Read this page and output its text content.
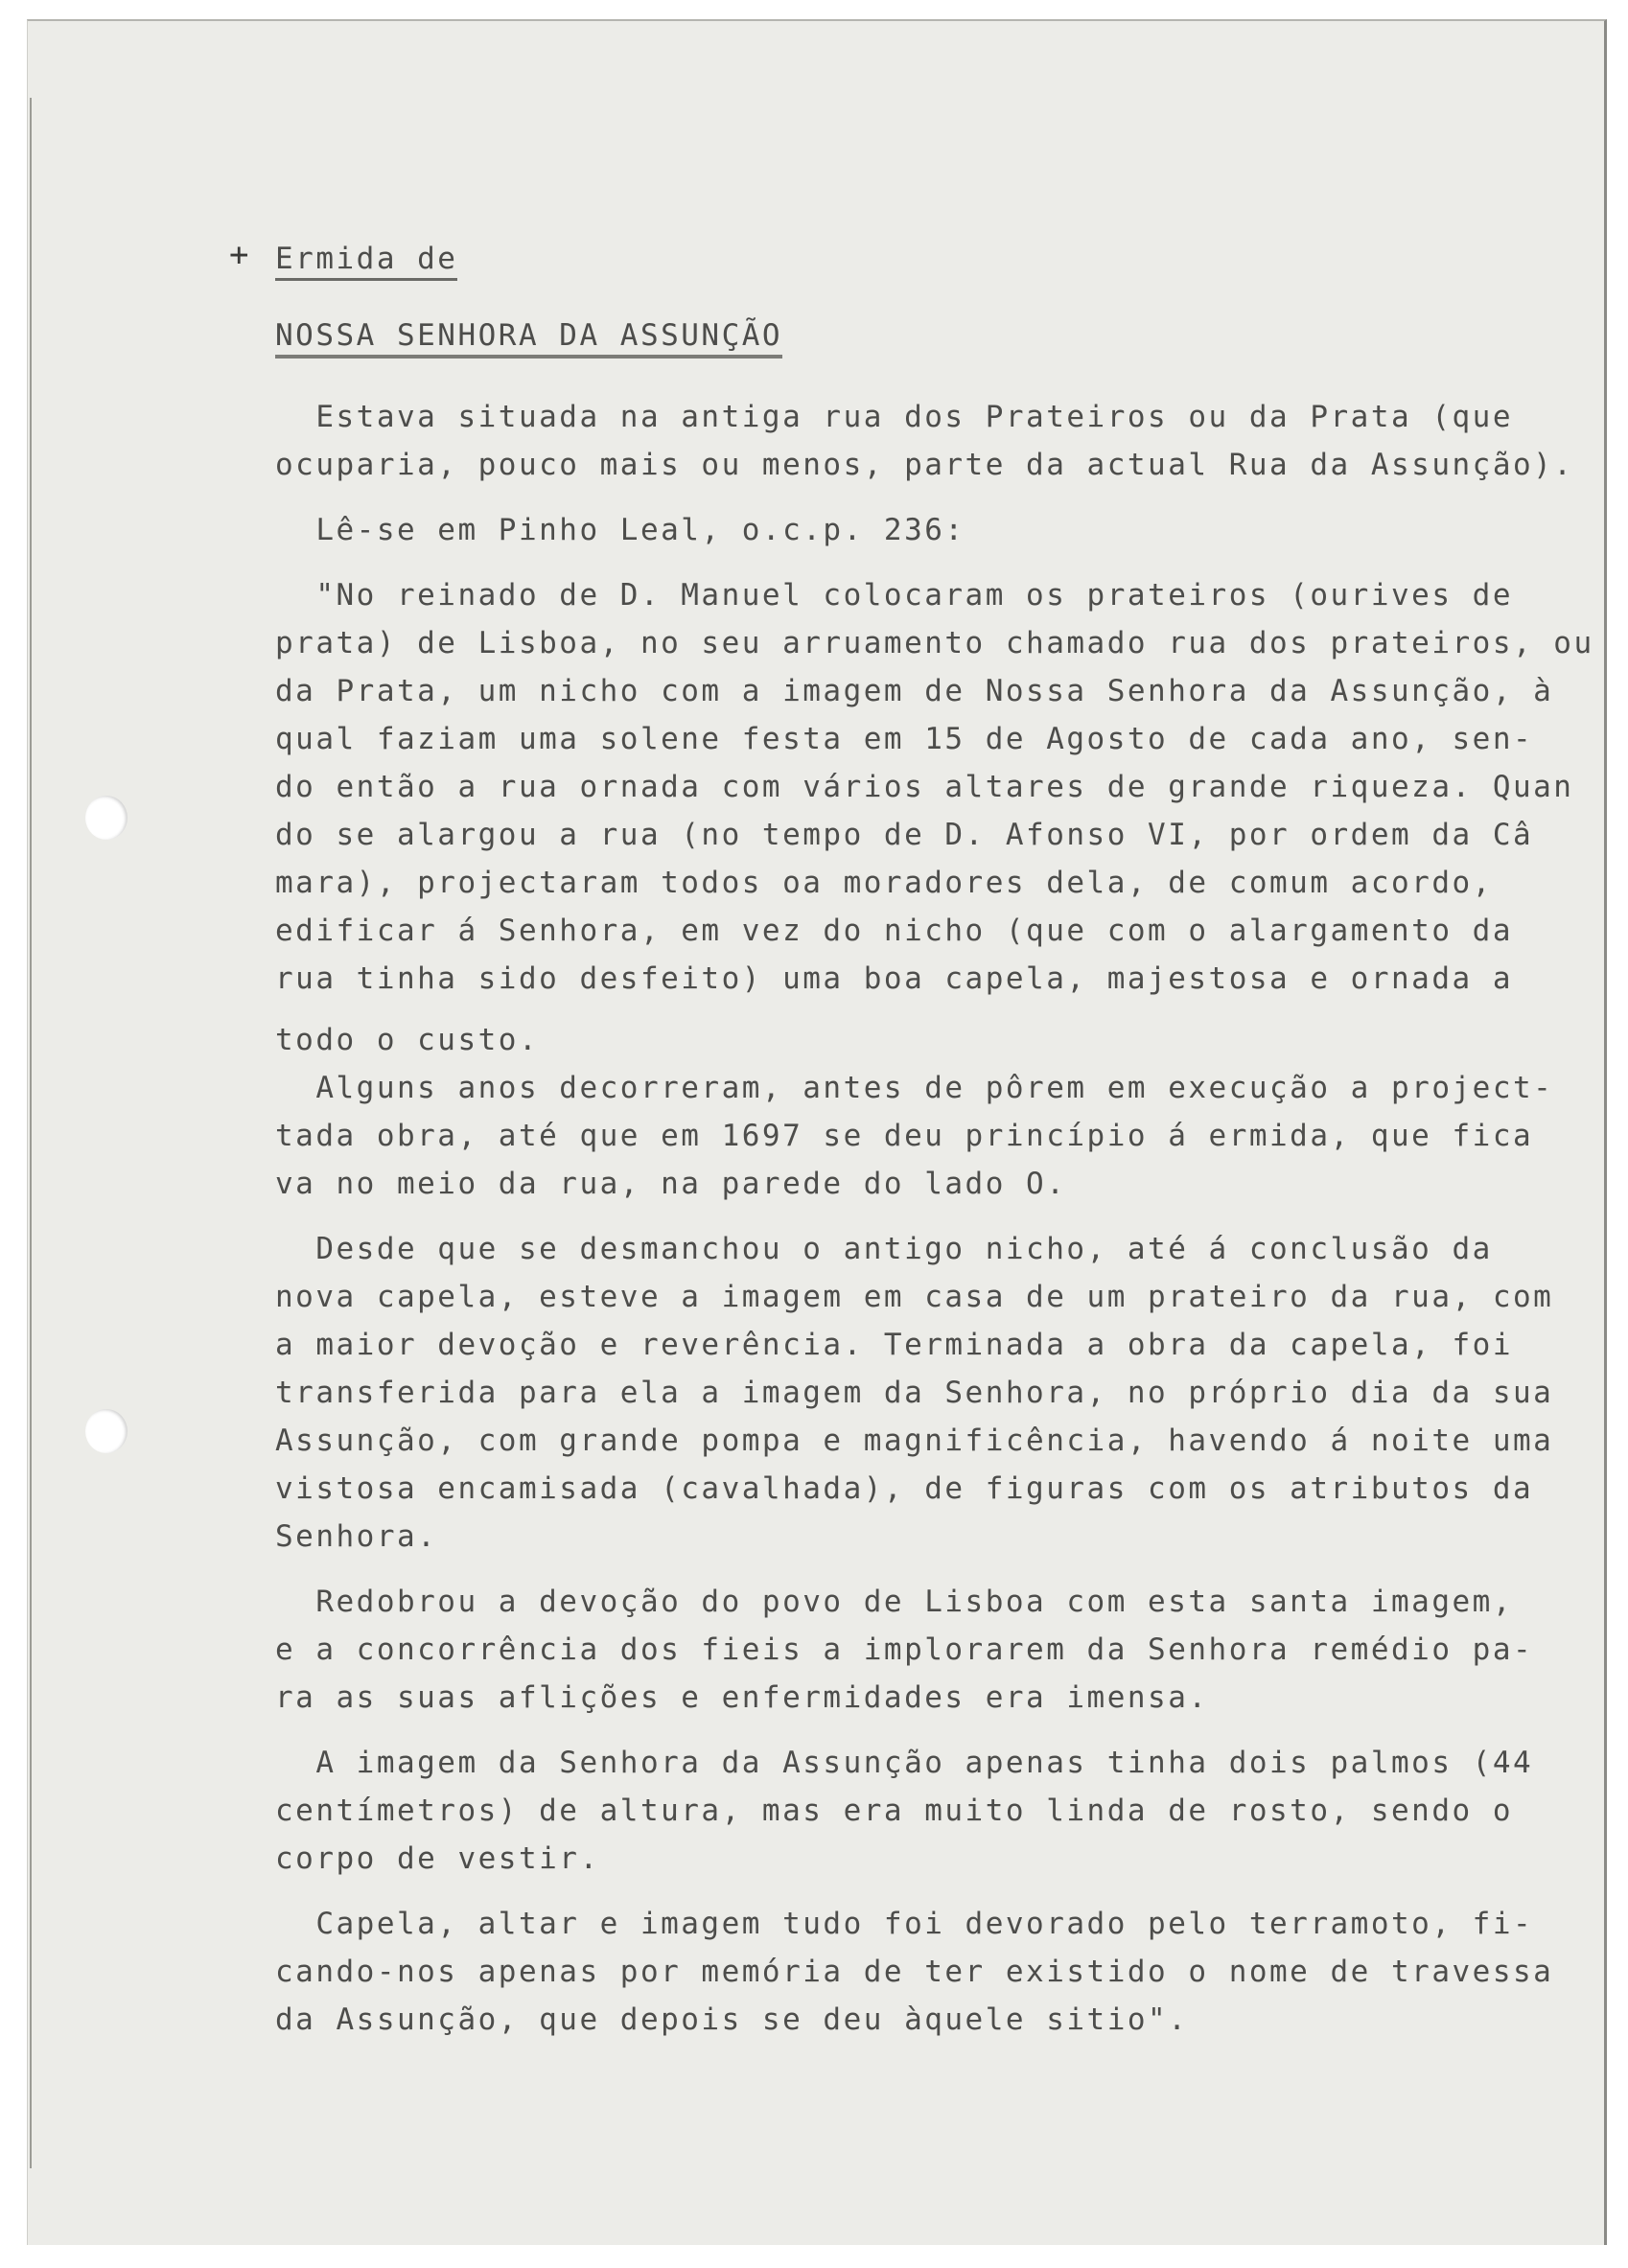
+ Ermida de
NOSSA SENHORA DA ASSUNÇÃO
Estava situada na antiga rua dos Prateiros ou da Prata (que
ocuparia, pouco mais ou menos, parte da actual Rua da Assunção).
Lê-se em Pinho Leal, o.c.p. 236:
"No reinado de D. Manuel colocaram os prateiros (ourives de
prata) de Lisboa, no seu arruamento chamado rua dos prateiros, ou
da Prata, um nicho com a imagem de Nossa Senhora da Assunção, à
qual faziam uma solene festa em 15 de Agosto de cada ano, sen-
do então a rua ornada com vários altares de grande riqueza. Quan
do se alargou a rua (no tempo de D. Afonso VI, por ordem da Câ
mara), projectaram todos oa moradores dela, de comum acordo,
edificar á Senhora, em vez do nicho (que com o alargamento da
rua tinha sido desfeito) uma boa capela, majestosa e ornada a
todo o custo.
Alguns anos decorreram, antes de pôrem em execução a project-
tada obra, até que em 1697 se deu princípio á ermida, que fica
va no meio da rua, na parede do lado O.
Desde que se desmanchou o antigo nicho, até á conclusão da
nova capela, esteve a imagem em casa de um prateiro da rua, com
a maior devoção e reverência. Terminada a obra da capela, foi
transferida para ela a imagem da Senhora, no próprio dia da sua
Assunção, com grande pompa e magnificência, havendo á noite uma
vistosa encamisada (cavalhada), de figuras com os atributos da
Senhora.
Redobrou a devoção do povo de Lisboa com esta santa imagem,
e a concorrência dos fieis a implorarem da Senhora remédio pa-
ra as suas aflições e enfermidades era imensa.
A imagem da Senhora da Assunção apenas tinha dois palmos (44
centímetros) de altura, mas era muito linda de rosto, sendo o
corpo de vestir.
Capela, altar e imagem tudo foi devorado pelo terramoto, fi-
cando-nos apenas por memória de ter existido o nome de travessa
da Assunção, que depois se deu àquele sitio".
